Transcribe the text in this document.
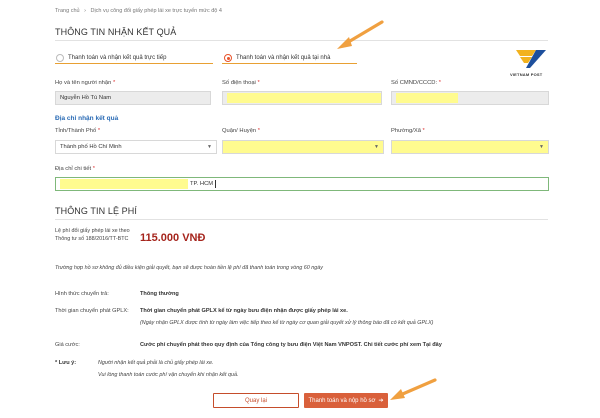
Trang chủ › Dịch vụ công đổi giấy phép lái xe trực tuyến mức độ 4
THÔNG TIN NHẬN KẾT QUẢ
Thanh toán và nhận kết quả trực tiếp	Thanh toán và nhận kết quả tại nhà
VIETNAM POST
Họ và tên người nhận *	Số điện thoại *	Số CMND/CCCD: *
Nguyễn Hồ Tú Nam
Địa chỉ nhận kết quả
Tỉnh/Thành Phố *	Quận/ Huyện *	Phường/Xã *
Thành phố Hồ Chí Minh	▼	▼	▼
Địa chỉ chi tiết *
TP. HCM
THÔNG TIN LỆ PHÍ
Lệ phí đổi giấy phép lái xe theo Thông tư số 188/2016/TT-BTC	115.000 VNĐ
Trường hợp hồ sơ không đủ điều kiện giải quyết, bạn sẽ được hoàn tiền lệ phí đã thanh toán trong vòng 60 ngày
Hình thức chuyển trả:	Thông thường
Thời gian chuyển phát GPLX: Thời gian chuyển phát GPLX kể từ ngày bưu điện nhận được giấy phép lái xe.
(Ngày nhận GPLX được tính từ ngày làm việc tiếp theo kể từ ngày cơ quan giải quyết xử lý thông báo đã có kết quả GPLX)
Giá cước:	Cước phí chuyển phát theo quy định của Tổng công ty bưu điện Việt Nam VNPOST. Chi tiết cước phí xem Tại đây
* Lưu ý:	Người nhận kết quả phải là chủ giấy phép lái xe.
Vui lòng thanh toán cước phí vận chuyển khi nhận kết quả.
Quay lại	Thanh toán và nộp hồ sơ ➔
